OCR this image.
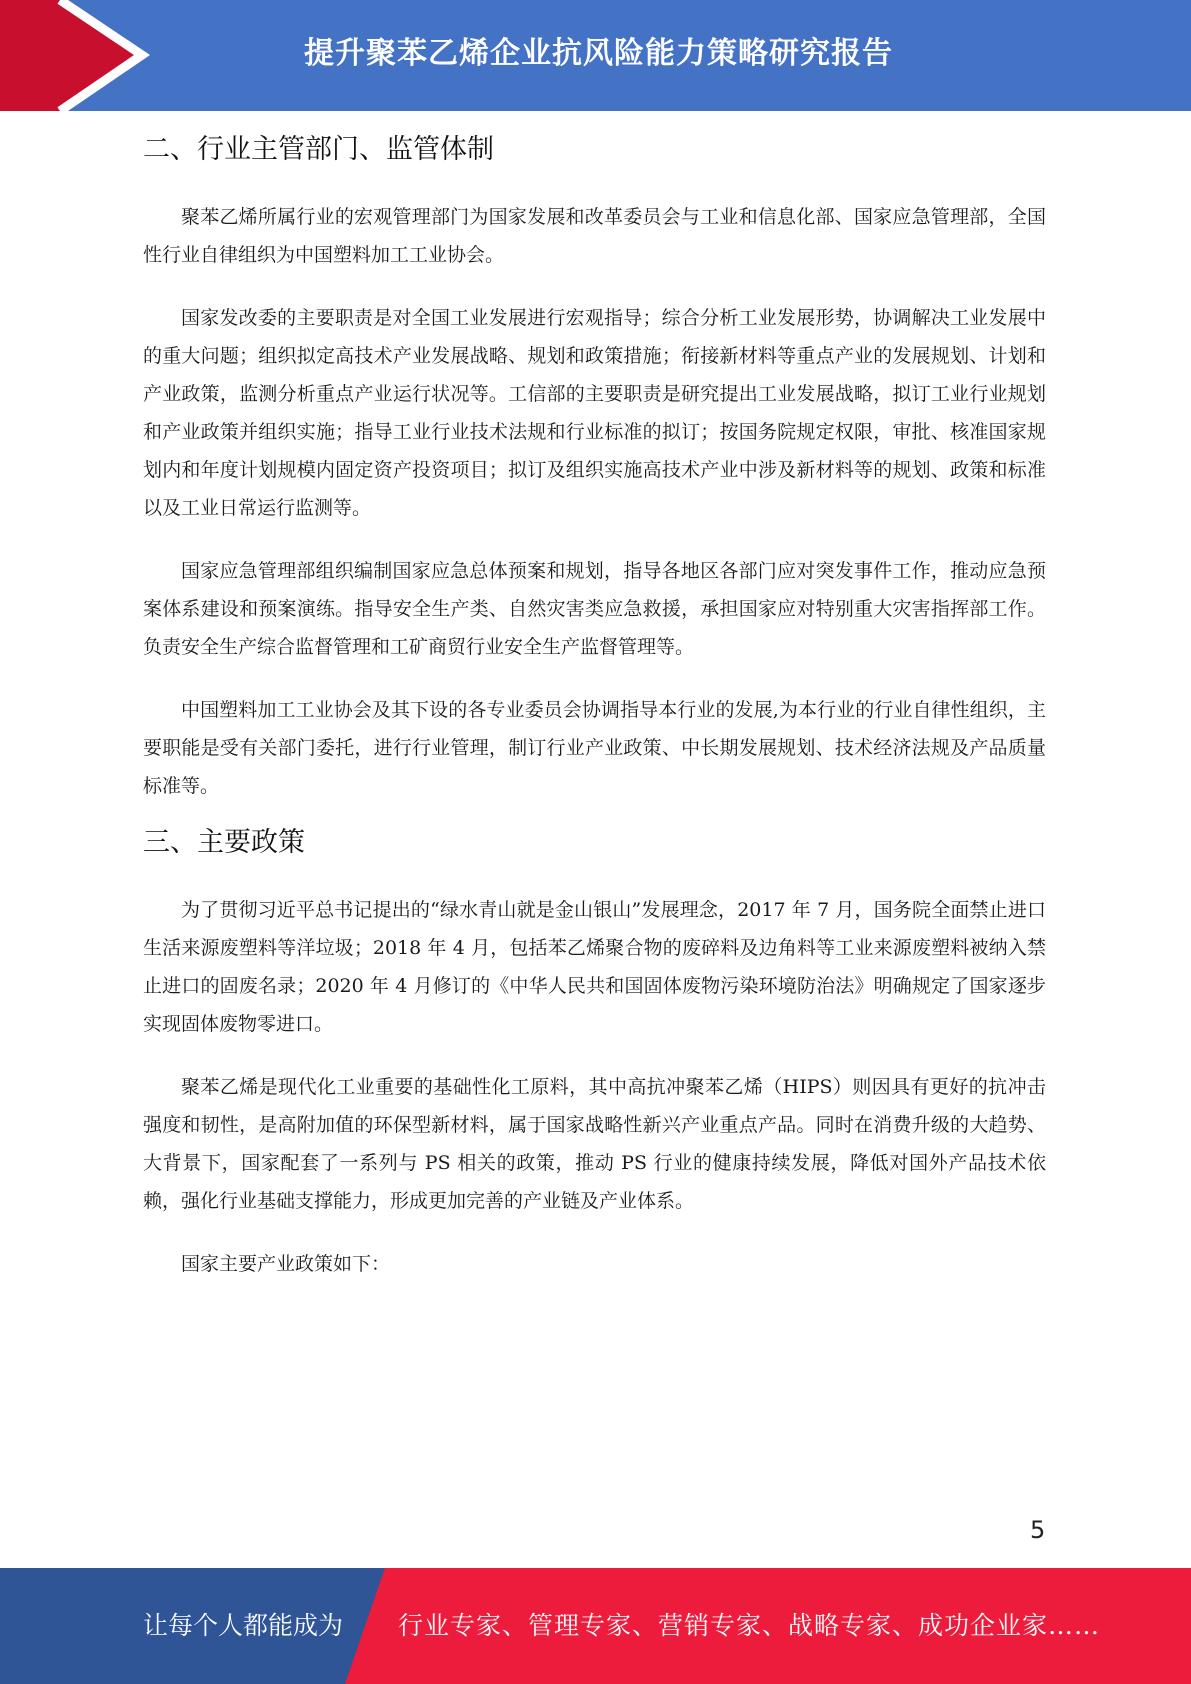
提升聚苯乙烯企业抗风险能力策略研究报告
二、行业主管部门、监管体制

聚苯乙烯所属行业的宏观管理部门为国家发展和改革委员会与工业和信息化部、国家应急管理部，全国性行业自律组织为中国塑料加工工业协会。

国家发改委的主要职责是对全国工业发展进行宏观指导；综合分析工业发展形势，协调解决工业发展中的重大问题；组织拟定高技术产业发展战略、规划和政策措施；衔接新材料等重点产业的发展规划、计划和产业政策，监测分析重点产业运行状况等。工信部的主要职责是研究提出工业发展战略，拟订工业行业规划和产业政策并组织实施；指导工业行业技术法规和行业标准的拟订；按国务院规定权限，审批、核准国家规划内和年度计划规模内固定资产投资项目；拟订及组织实施高技术产业中涉及新材料等的规划、政策和标准以及工业日常运行监测等。

国家应急管理部组织编制国家应急总体预案和规划，指导各地区各部门应对突发事件工作，推动应急预案体系建设和预案演练。指导安全生产类、自然灾害类应急救援，承担国家应对特别重大灾害指挥部工作。负责安全生产综合监督管理和工矿商贸行业安全生产监督管理等。

中国塑料加工工业协会及其下设的各专业委员会协调指导本行业的发展,为本行业的行业自律性组织，主要职能是受有关部门委托，进行行业管理，制订行业产业政策、中长期发展规划、技术经济法规及产品质量标准等。

三、主要政策

为了贯彻习近平总书记提出的“绿水青山就是金山银山”发展理念，2017 年 7 月，国务院全面禁止进口生活来源废塑料等洋垃圾；2018 年 4 月，包括苯乙烯聚合物的废碎料及边角料等工业来源废塑料被纳入禁止进口的固废名录；2020 年 4 月修订的《中华人民共和国固体废物污染环境防治法》明确规定了国家逐步实现固体废物零进口。

聚苯乙烯是现代化工业重要的基础性化工原料，其中高抗冲聚苯乙烯（HIPS）则因具有更好的抗冲击强度和韧性，是高附加值的环保型新材料，属于国家战略性新兴产业重点产品。同时在消费升级的大趋势、大背景下，国家配套了一系列与 PS 相关的政策，推动 PS 行业的健康持续发展，降低对国外产品技术依赖，强化行业基础支撑能力，形成更加完善的产业链及产业体系。

国家主要产业政策如下：

5
让每个人都能成为 行业专家、管理专家、营销专家、战略专家、成功企业家……
